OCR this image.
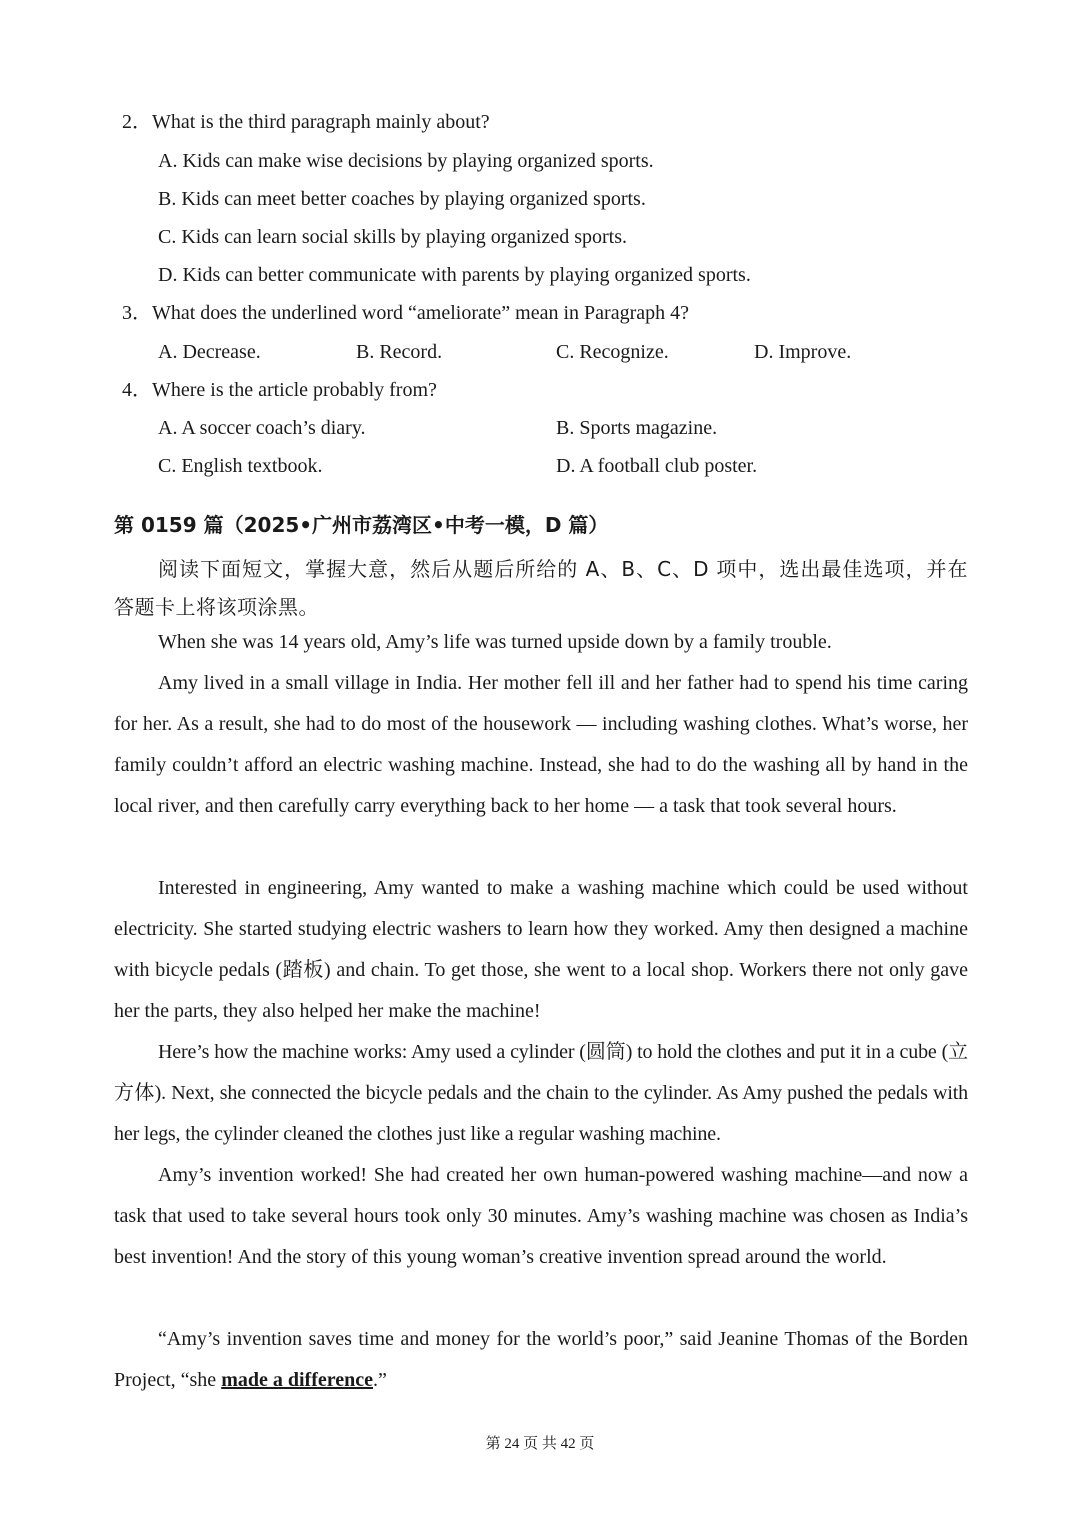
2．What is the third paragraph mainly about?
A. Kids can make wise decisions by playing organized sports.
B. Kids can meet better coaches by playing organized sports.
C. Kids can learn social skills by playing organized sports.
D. Kids can better communicate with parents by playing organized sports.
3．What does the underlined word “ameliorate” mean in Paragraph 4?
A. Decrease.	B. Record.	C. Recognize.	D. Improve.
4．Where is the article probably from?
A. A soccer coach’s diary.	B. Sports magazine.
C. English textbook.	D. A football club poster.
第 0159 篇（2025•广州市荔湾区•中考一模，D 篇）
阅读下面短文，掌握大意，然后从题后所给的 A、B、C、D 项中，选出最佳选项，并在答题卡上将该项涂黑。

When she was 14 years old, Amy’s life was turned upside down by a family trouble.

Amy lived in a small village in India. Her mother fell ill and her father had to spend his time caring for her. As a result, she had to do most of the housework — including washing clothes. What’s worse, her family couldn’t afford an electric washing machine. Instead, she had to do the washing all by hand in the local river, and then carefully carry everything back to her home — a task that took several hours.

Interested in engineering, Amy wanted to make a washing machine which could be used without electricity. She started studying electric washers to learn how they worked. Amy then designed a machine with bicycle pedals (踏板) and chain. To get those, she went to a local shop. Workers there not only gave her the parts, they also helped her make the machine!

Here’s how the machine works: Amy used a cylinder (圆筒) to hold the clothes and put it in a cube (立方体). Next, she connected the bicycle pedals and the chain to the cylinder. As Amy pushed the pedals with her legs, the cylinder cleaned the clothes just like a regular washing machine.

Amy’s invention worked! She had created her own human-powered washing machine—and now a task that used to take several hours took only 30 minutes. Amy’s washing machine was chosen as India’s best invention! And the story of this young woman’s creative invention spread around the world.

“Amy’s invention saves time and money for the world’s poor,” said Jeanine Thomas of the Borden Project, “she made a difference.”

第 24 页 共 42 页
